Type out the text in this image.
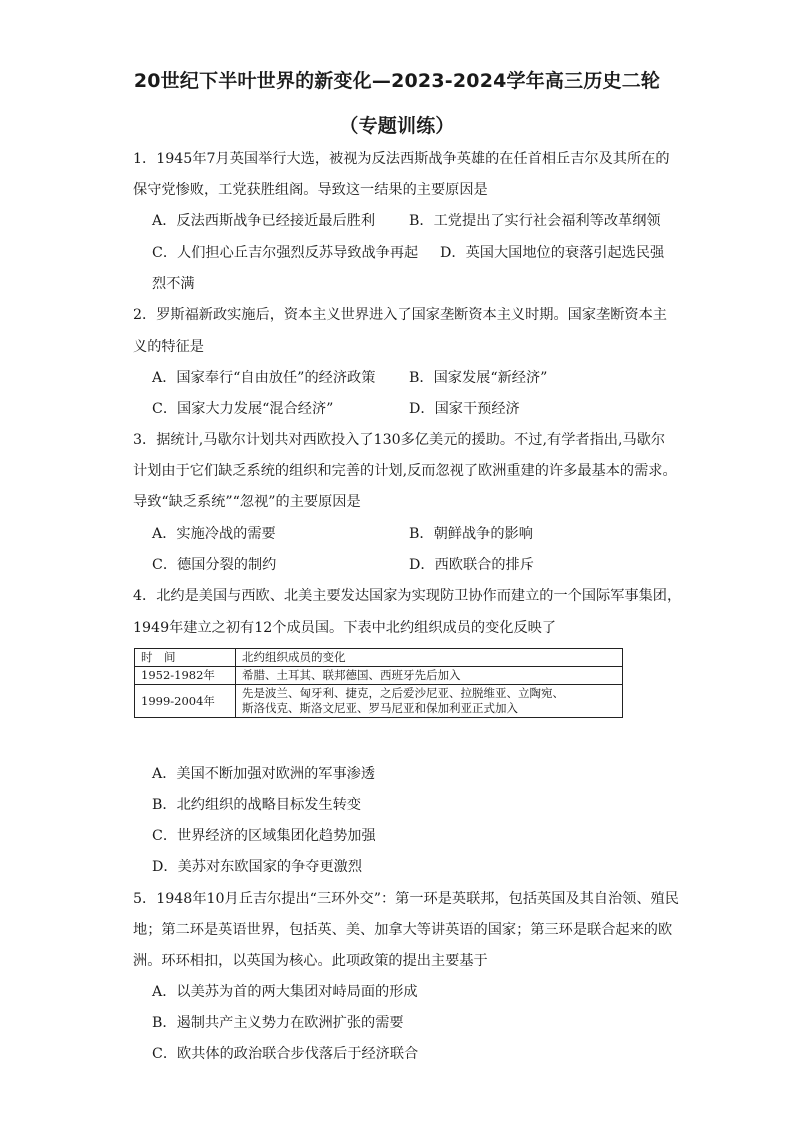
20世纪下半叶世界的新变化—2023-2024学年高三历史二轮
（专题训练）
1．1945年7月英国举行大选，被视为反法西斯战争英雄的在任首相丘吉尔及其所在的
保守党惨败，工党获胜组阁。导致这一结果的主要原因是
A．反法西斯战争已经接近最后胜利 B．工党提出了实行社会福利等改革纲领
C．人们担心丘吉尔强烈反苏导致战争再起 D．英国大国地位的衰落引起选民强
烈不满
2．罗斯福新政实施后，资本主义世界进入了国家垄断资本主义时期。国家垄断资本主
义的特征是
A．国家奉行“自由放任”的经济政策 B．国家发展“新经济”
C．国家大力发展“混合经济”	D．国家干预经济
3．据统计,马歇尔计划共对西欧投入了130多亿美元的援助。不过,有学者指出,马歇尔
计划由于它们缺乏系统的组织和完善的计划,反而忽视了欧洲重建的许多最基本的需求。
导致“缺乏系统”“忽视”的主要原因是
A．实施冷战的需要	B．朝鲜战争的影响
C．德国分裂的制约	D．西欧联合的排斥
4．北约是美国与西欧、北美主要发达国家为实现防卫协作而建立的一个国际军事集团，
1949年建立之初有12个成员国。下表中北约组织成员的变化反映了
时　间	北约组织成员的变化
1952-1982年	希腊、土耳其、联邦德国、西班牙先后加入
1999-2004年	先是波兰、匈牙利、捷克，之后爱沙尼亚、拉脱维亚、立陶宛、
斯洛伐克、斯洛文尼亚、罗马尼亚和保加利亚正式加入
A．美国不断加强对欧洲的军事渗透
B．北约组织的战略目标发生转变
C．世界经济的区域集团化趋势加强
D．美苏对东欧国家的争夺更激烈
5．1948年10月丘吉尔提出“三环外交”：第一环是英联邦，包括英国及其自治领、殖民
地；第二环是英语世界，包括英、美、加拿大等讲英语的国家；第三环是联合起来的欧
洲。环环相扣，以英国为核心。此项政策的提出主要基于
A．以美苏为首的两大集团对峙局面的形成
B．遏制共产主义势力在欧洲扩张的需要
C．欧共体的政治联合步伐落后于经济联合
